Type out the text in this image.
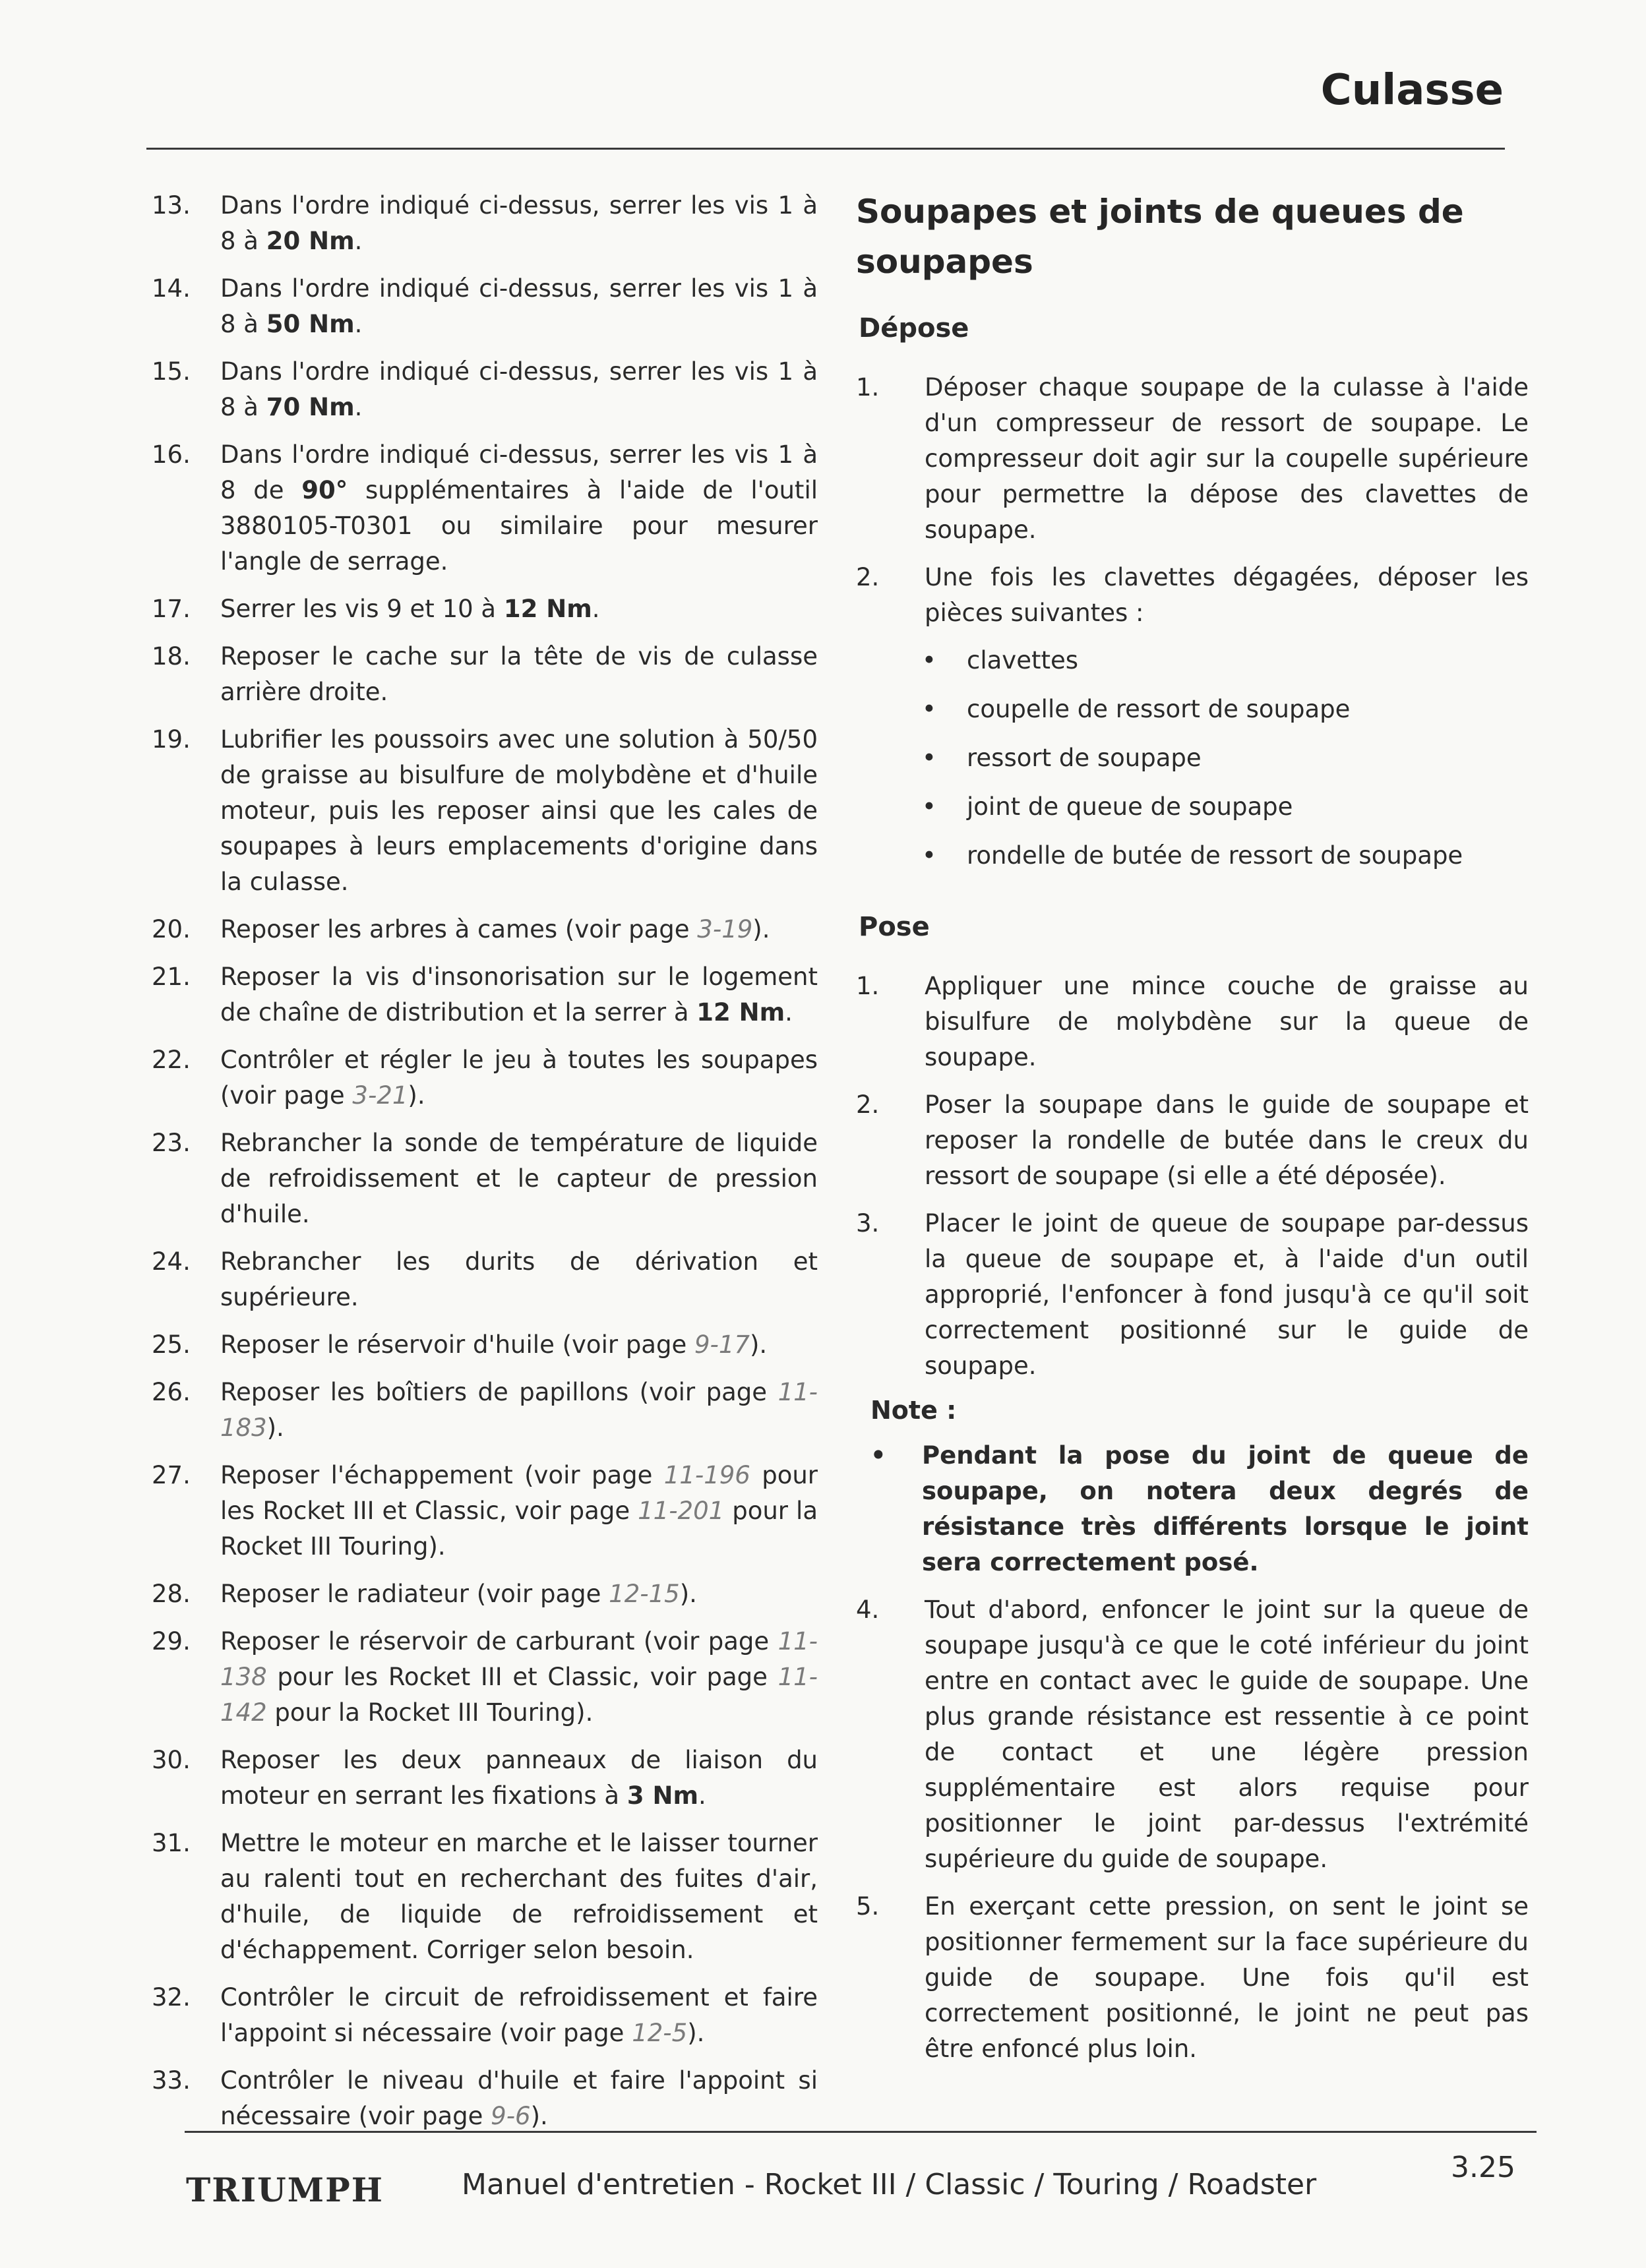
Culasse
13.	Dans l'ordre indiqué ci-dessus, serrer les vis 1 à 8 à 20 Nm.
14.	Dans l'ordre indiqué ci-dessus, serrer les vis 1 à 8 à 50 Nm.
15.	Dans l'ordre indiqué ci-dessus, serrer les vis 1 à 8 à 70 Nm.
16.	Dans l'ordre indiqué ci-dessus, serrer les vis 1 à 8 de 90° supplémentaires à l'aide de l'outil 3880105-T0301 ou similaire pour mesurer l'angle de serrage.
17.	Serrer les vis 9 et 10 à 12 Nm.
18.	Reposer le cache sur la tête de vis de culasse arrière droite.
19.	Lubrifier les poussoirs avec une solution à 50/50 de graisse au bisulfure de molybdène et d'huile moteur, puis les reposer ainsi que les cales de soupapes à leurs emplacements d'origine dans la culasse.
20.	Reposer les arbres à cames (voir page 3-19).
21.	Reposer la vis d'insonorisation sur le logement de chaîne de distribution et la serrer à 12 Nm.
22.	Contrôler et régler le jeu à toutes les soupapes (voir page 3-21).
23.	Rebrancher la sonde de température de liquide de refroidissement et le capteur de pression d'huile.
24.	Rebrancher les durits de dérivation et supérieure.
25.	Reposer le réservoir d'huile (voir page 9-17).
26.	Reposer les boîtiers de papillons (voir page 11-183).
27.	Reposer l'échappement (voir page 11-196 pour les Rocket III et Classic, voir page 11-201 pour la Rocket III Touring).
28.	Reposer le radiateur (voir page 12-15).
29.	Reposer le réservoir de carburant (voir page 11-138 pour les Rocket III et Classic, voir page 11-142 pour la Rocket III Touring).
30.	Reposer les deux panneaux de liaison du moteur en serrant les fixations à 3 Nm.
31.	Mettre le moteur en marche et le laisser tourner au ralenti tout en recherchant des fuites d'air, d'huile, de liquide de refroidissement et d'échappement. Corriger selon besoin.
32.	Contrôler le circuit de refroidissement et faire l'appoint si nécessaire (voir page 12-5).
33.	Contrôler le niveau d'huile et faire l'appoint si nécessaire (voir page 9-6).
Soupapes et joints de queues de soupapes
Dépose
1.	Déposer chaque soupape de la culasse à l'aide d'un compresseur de ressort de soupape. Le compresseur doit agir sur la coupelle supérieure pour permettre la dépose des clavettes de soupape.
2.	Une fois les clavettes dégagées, déposer les pièces suivantes :
• clavettes
• coupelle de ressort de soupape
• ressort de soupape
• joint de queue de soupape
• rondelle de butée de ressort de soupape
Pose
1.	Appliquer une mince couche de graisse au bisulfure de molybdène sur la queue de soupape.
2.	Poser la soupape dans le guide de soupape et reposer la rondelle de butée dans le creux du ressort de soupape (si elle a été déposée).
3.	Placer le joint de queue de soupape par-dessus la queue de soupape et, à l'aide d'un outil approprié, l'enfoncer à fond jusqu'à ce qu'il soit correctement positionné sur le guide de soupape.
Note :
• Pendant la pose du joint de queue de soupape, on notera deux degrés de résistance très différents lorsque le joint sera correctement posé.
4.	Tout d'abord, enfoncer le joint sur la queue de soupape jusqu'à ce que le coté inférieur du joint entre en contact avec le guide de soupape. Une plus grande résistance est ressentie à ce point de contact et une légère pression supplémentaire est alors requise pour positionner le joint par-dessus l'extrémité supérieure du guide de soupape.
5.	En exerçant cette pression, on sent le joint se positionner fermement sur la face supérieure du guide de soupape. Une fois qu'il est correctement positionné, le joint ne peut pas être enfoncé plus loin.
TRIUMPH	Manuel d'entretien - Rocket III / Classic / Touring / Roadster
3.25
